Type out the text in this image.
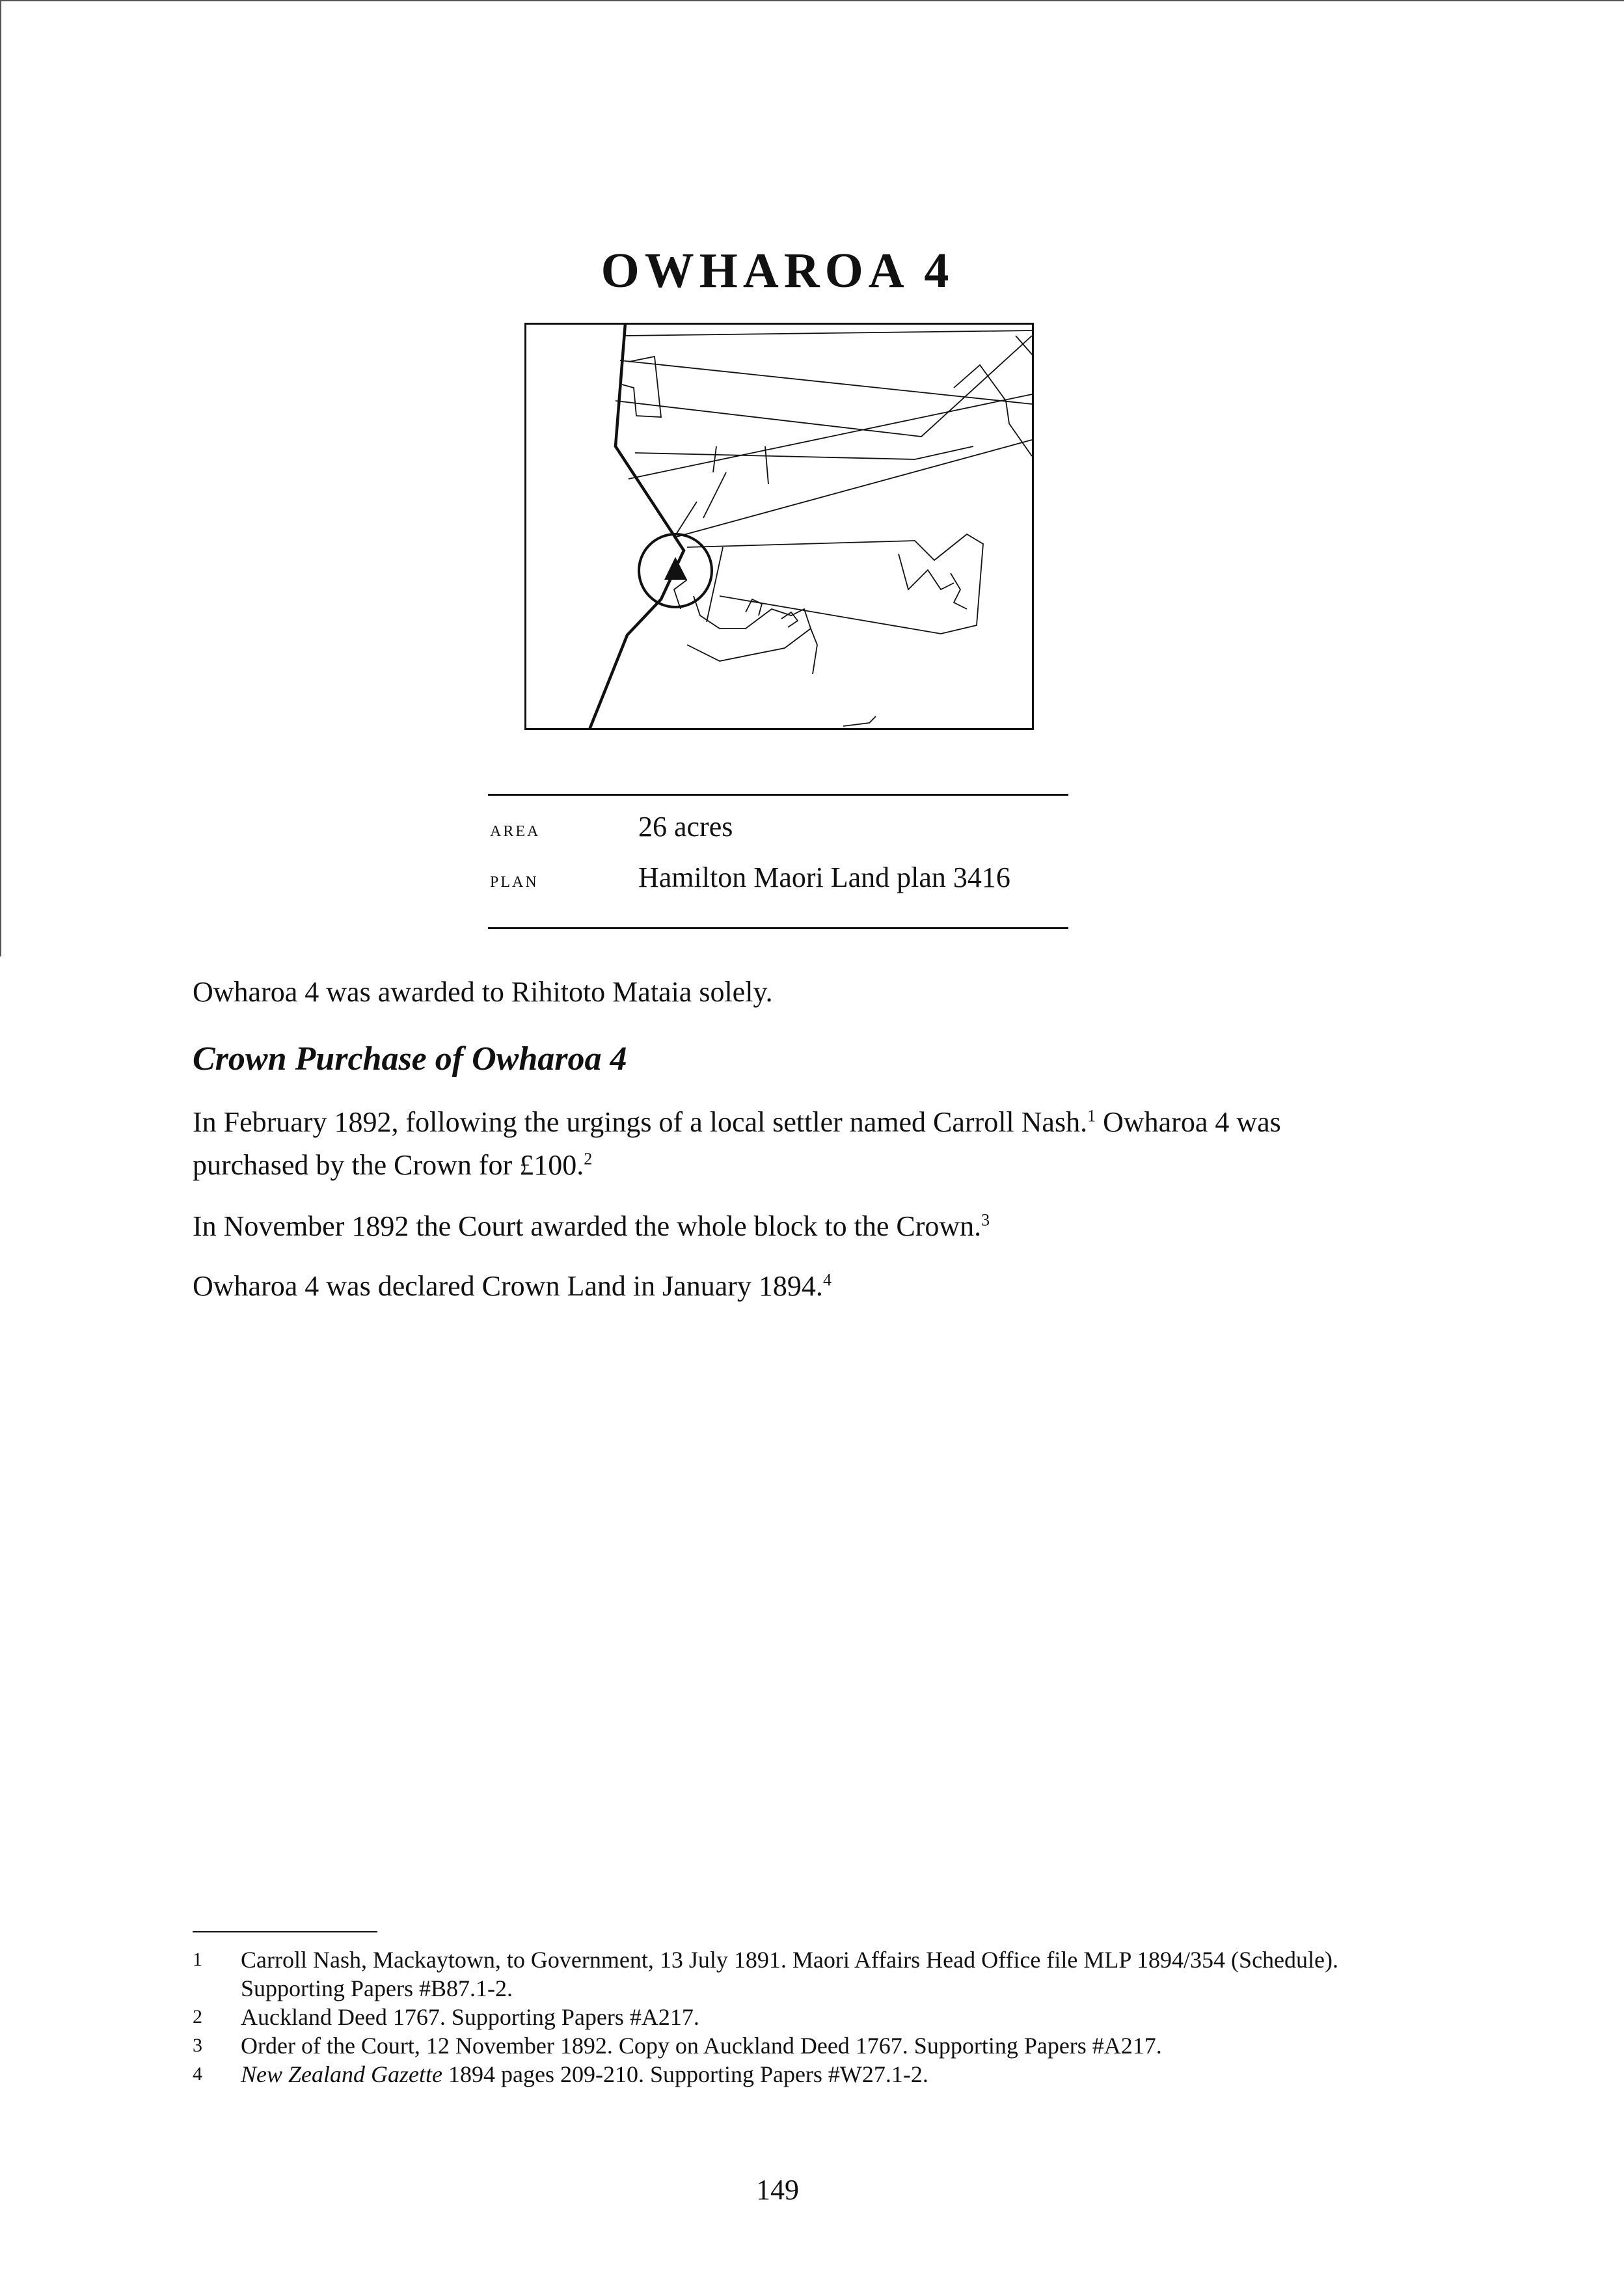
OWHAROA 4
area	26 acres
plan	Hamilton Maori Land plan 3416

Owharoa 4 was awarded to Rihitoto Mataia solely.

Crown Purchase of Owharoa 4

In February 1892, following the urgings of a local settler named Carroll Nash.$^1$ Owharoa 4 was purchased by the Crown for £100.$^2$

In November 1892 the Court awarded the whole block to the Crown.$^3$

Owharoa 4 was declared Crown Land in January 1894.$^4$

1	Carroll Nash, Mackaytown, to Government, 13 July 1891. Maori Affairs Head Office file MLP 1894/354 (Schedule). Supporting Papers #B87.1-2.
2	Auckland Deed 1767. Supporting Papers #A217.
3	Order of the Court, 12 November 1892. Copy on Auckland Deed 1767. Supporting Papers #A217.
4	New Zealand Gazette 1894 pages 209-210. Supporting Papers #W27.1-2.
149
